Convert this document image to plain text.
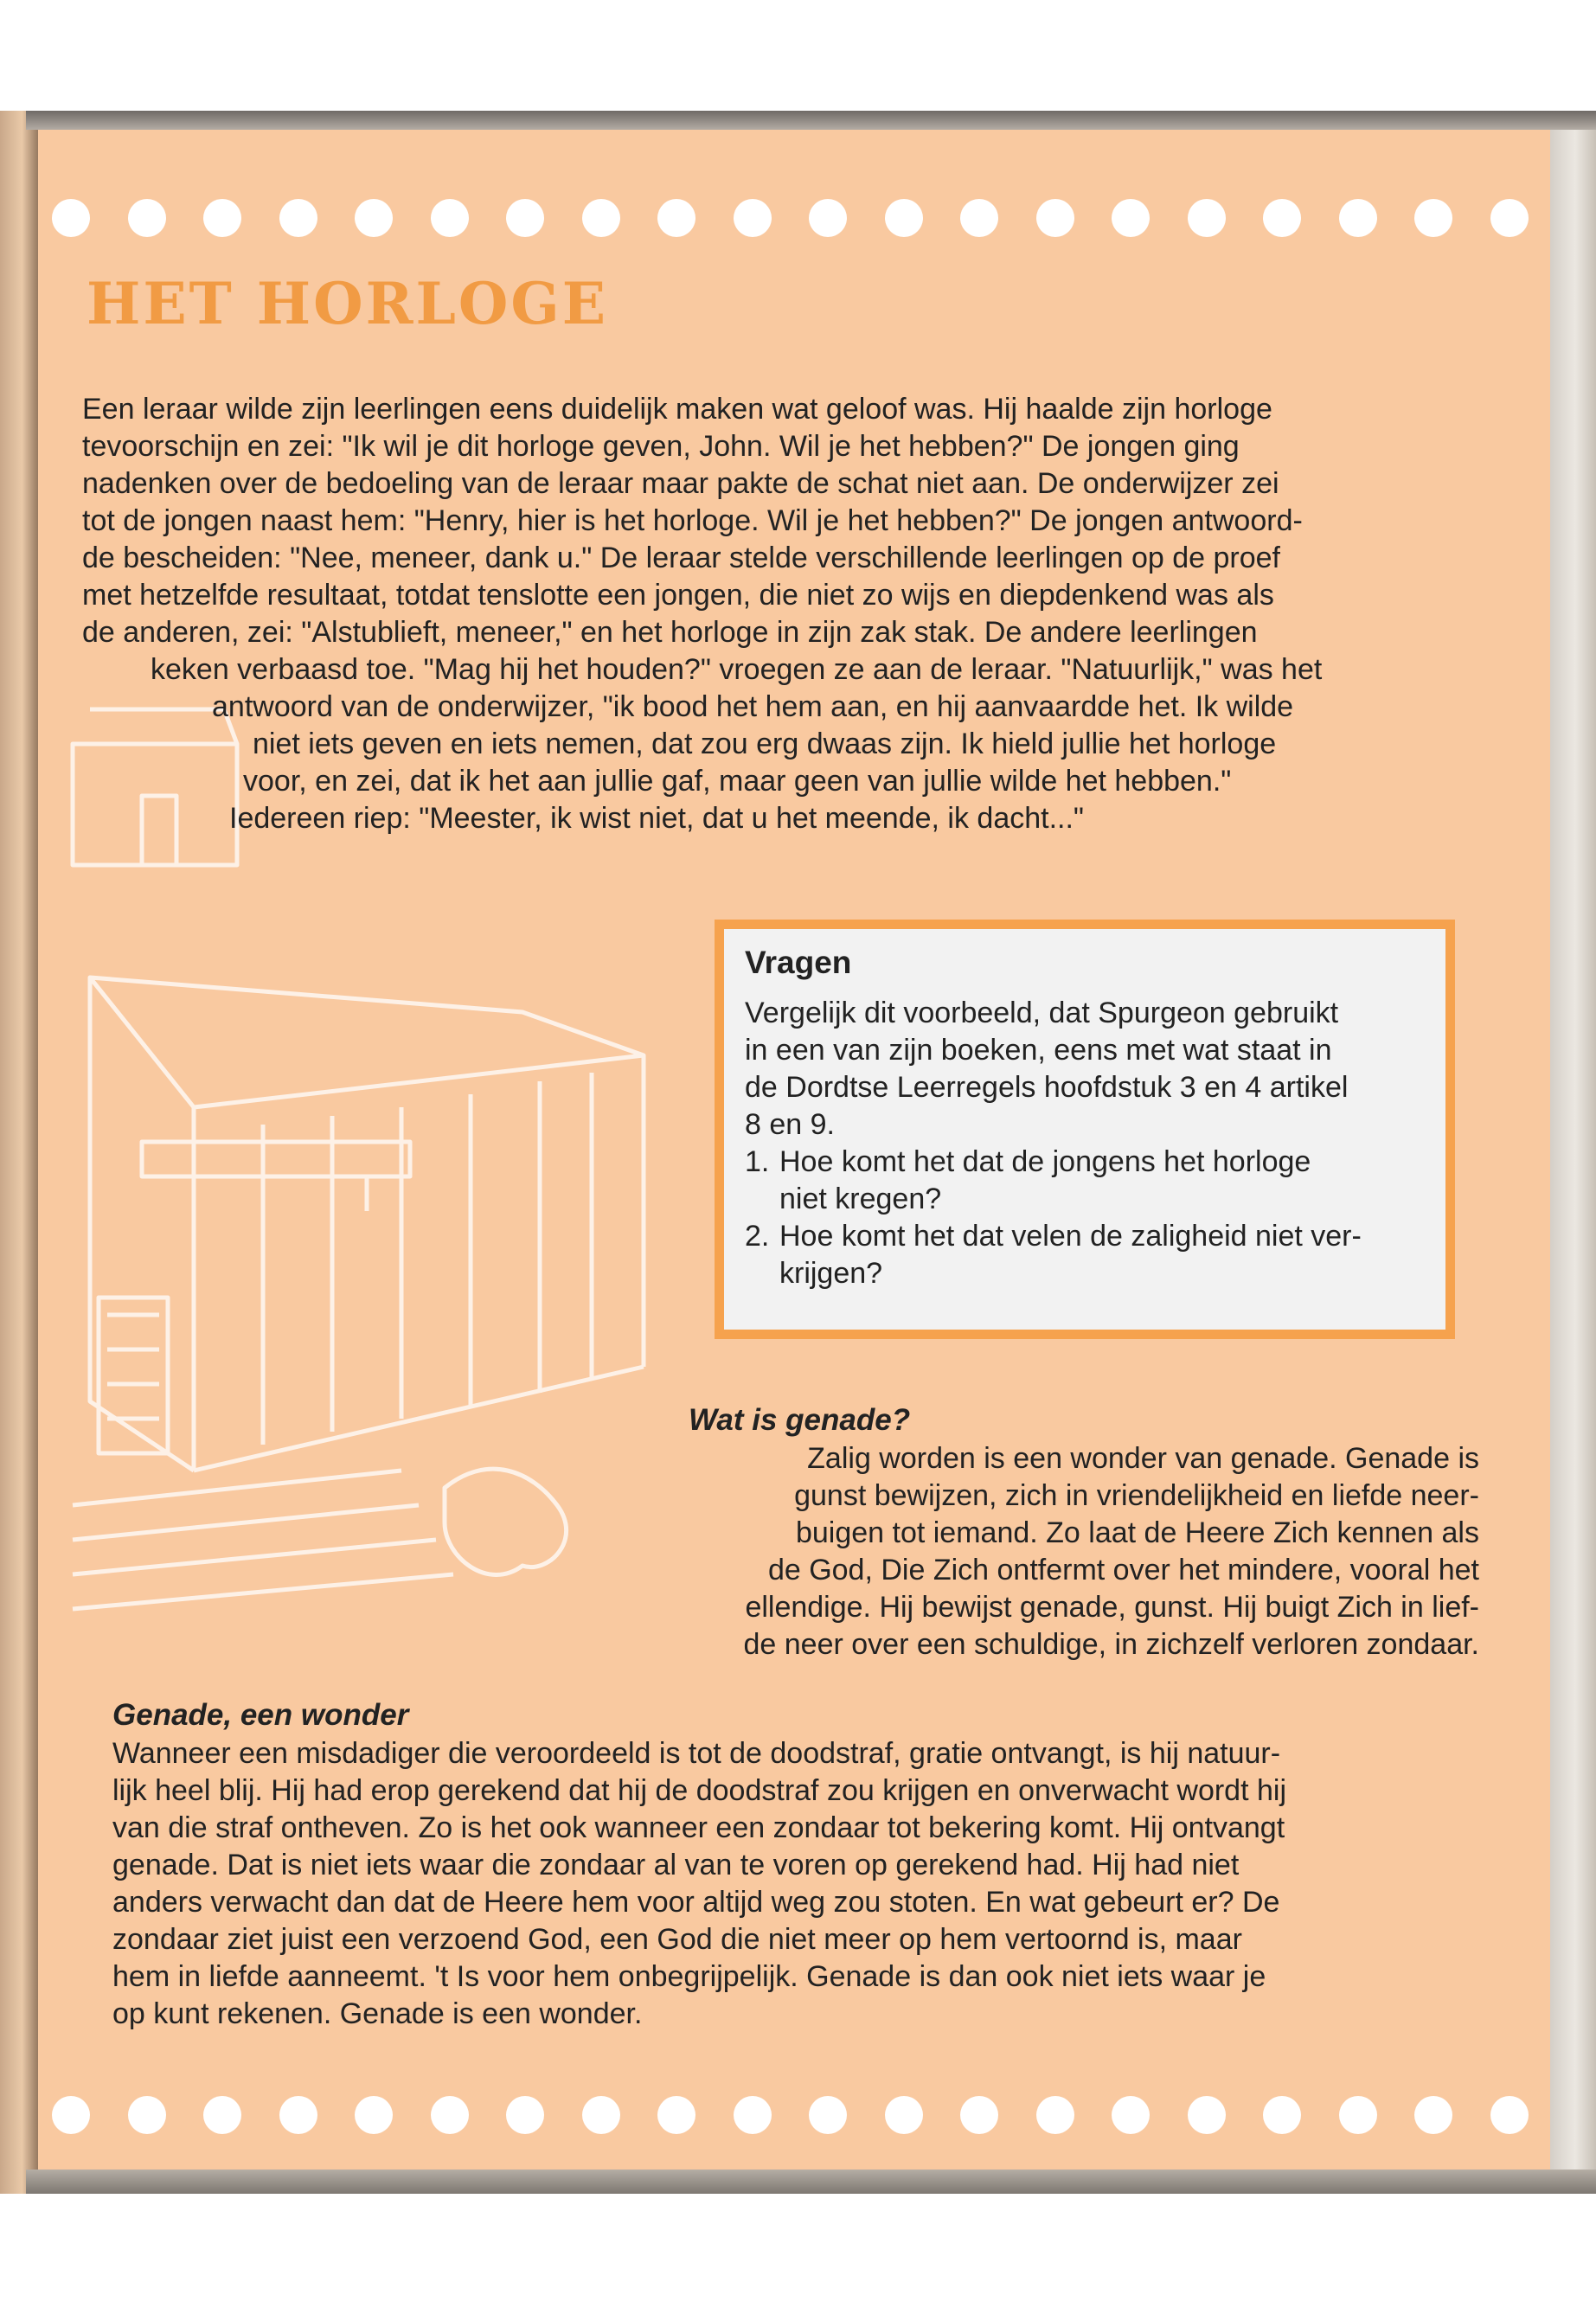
HET HORLOGE
Een leraar wilde zijn leerlingen eens duidelijk maken wat geloof was. Hij haalde zijn horloge
tevoorschijn en zei: "Ik wil je dit horloge geven, John. Wil je het hebben?" De jongen ging
nadenken over de bedoeling van de leraar maar pakte de schat niet aan. De onderwijzer zei
tot de jongen naast hem: "Henry, hier is het horloge. Wil je het hebben?" De jongen antwoord-
de bescheiden: "Nee, meneer, dank u." De leraar stelde verschillende leerlingen op de proef
met hetzelfde resultaat, totdat tenslotte een jongen, die niet zo wijs en diepdenkend was als
de anderen, zei: "Alstublieft, meneer," en het horloge in zijn zak stak. De andere leerlingen
keken verbaasd toe. "Mag hij het houden?" vroegen ze aan de leraar. "Natuurlijk," was het
antwoord van de onderwijzer, "ik bood het hem aan, en hij aanvaardde het. Ik wilde
niet iets geven en iets nemen, dat zou erg dwaas zijn. Ik hield jullie het horloge
voor, en zei, dat ik het aan jullie gaf, maar geen van jullie wilde het hebben."
Iedereen riep: "Meester, ik wist niet, dat u het meende, ik dacht..."
Vragen
Vergelijk dit voorbeeld, dat Spurgeon gebruikt
in een van zijn boeken, eens met wat staat in
de Dordtse Leerregels hoofdstuk 3 en 4 artikel
8 en 9.
1. Hoe komt het dat de jongens het horloge
niet kregen?
2. Hoe komt het dat velen de zaligheid niet ver-
krijgen?
Wat is genade?
Zalig worden is een wonder van genade. Genade is
gunst bewijzen, zich in vriendelijkheid en liefde neer-
buigen tot iemand. Zo laat de Heere Zich kennen als
de God, Die Zich ontfermt over het mindere, vooral het
ellendige. Hij bewijst genade, gunst. Hij buigt Zich in lief-
de neer over een schuldige, in zichzelf verloren zondaar.
Genade, een wonder
Wanneer een misdadiger die veroordeeld is tot de doodstraf, gratie ontvangt, is hij natuur-
lijk heel blij. Hij had erop gerekend dat hij de doodstraf zou krijgen en onverwacht wordt hij
van die straf ontheven. Zo is het ook wanneer een zondaar tot bekering komt. Hij ontvangt
genade. Dat is niet iets waar die zondaar al van te voren op gerekend had. Hij had niet
anders verwacht dan dat de Heere hem voor altijd weg zou stoten. En wat gebeurt er? De
zondaar ziet juist een verzoend God, een God die niet meer op hem vertoornd is, maar
hem in liefde aanneemt. 't Is voor hem onbegrijpelijk. Genade is dan ook niet iets waar je
op kunt rekenen. Genade is een wonder.
